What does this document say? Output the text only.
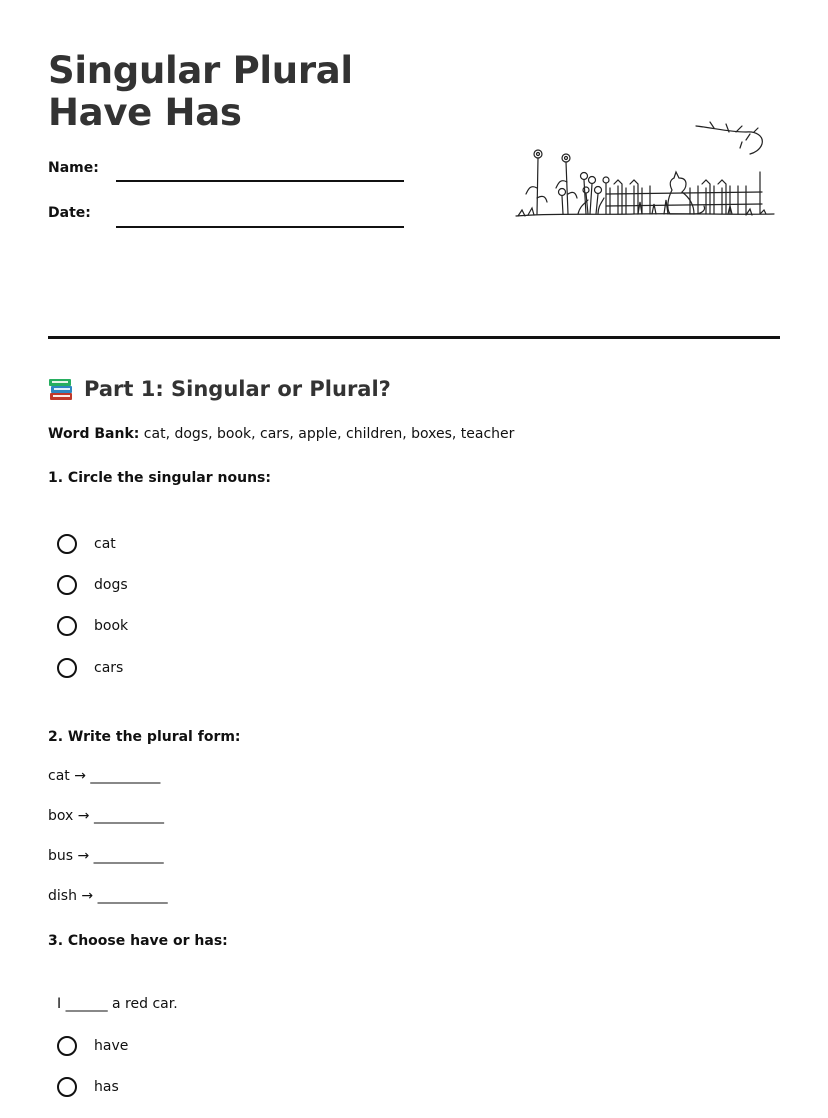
Singular Plural Have Has
Name:
Date:
Part 1: Singular or Plural?
Word Bank: cat, dogs, book, cars, apple, children, boxes, teacher
1. Circle the singular nouns:
cat
dogs
book
cars
2. Write the plural form:
cat → __________
box → __________
bus → __________
dish → __________
3. Choose have or has:
I ______ a red car.
have
has
